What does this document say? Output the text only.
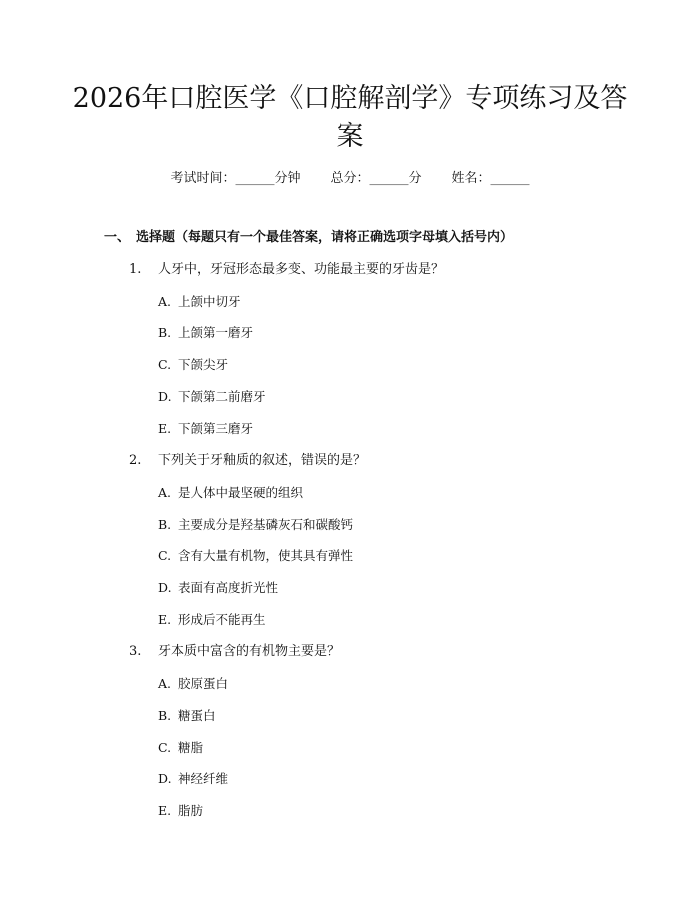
2026年口腔医学《口腔解剖学》专项练习及答案
考试时间：______分钟 总分：______分 姓名：______
一、 选择题（每题只有一个最佳答案，请将正确选项字母填入括号内）
1. 人牙中，牙冠形态最多变、功能最主要的牙齿是？
A. 上颌中切牙
B. 上颌第一磨牙
C. 下颌尖牙
D. 下颌第二前磨牙
E. 下颌第三磨牙
2. 下列关于牙釉质的叙述，错误的是？
A. 是人体中最坚硬的组织
B. 主要成分是羟基磷灰石和碳酸钙
C. 含有大量有机物，使其具有弹性
D. 表面有高度折光性
E. 形成后不能再生
3. 牙本质中富含的有机物主要是？
A. 胶原蛋白
B. 糖蛋白
C. 糖脂
D. 神经纤维
E. 脂肪
